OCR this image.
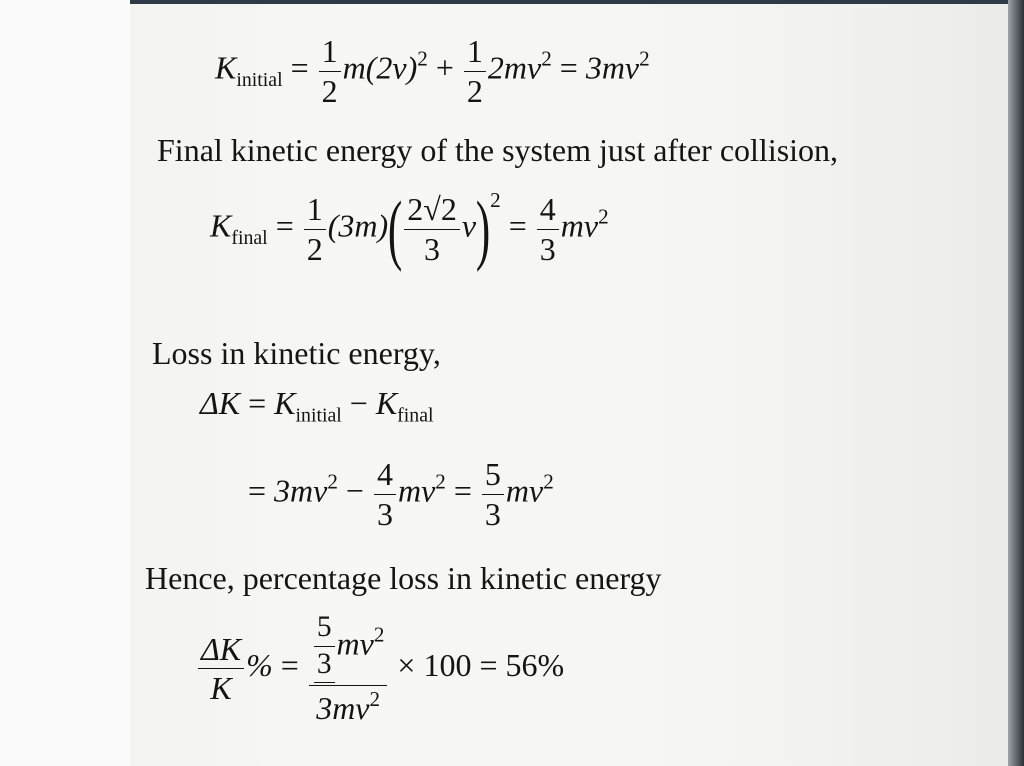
$K_{initial} = \frac{1}{2} m(2v)^2 + \frac{1}{2} 2mv^2 = 3mv^2$
Final kinetic energy of the system just after collision,
$K_{final} = \frac{1}{2} (3m)( \frac{2√2}{3} v)^2 = \frac{4}{3} mv^2$
Loss in kinetic energy,
$\Delta K = K_{initial} - K_{final}$
= $3mv^2 - \frac{4}{3} mv^2 = \frac{5}{3} mv^2$
Hence, percentage loss in kinetic energy
$\frac{\Delta K}{K}$ % = $\frac{\frac{5}{3} mv^2}{3mv^2} \times 100 = 56\%$
